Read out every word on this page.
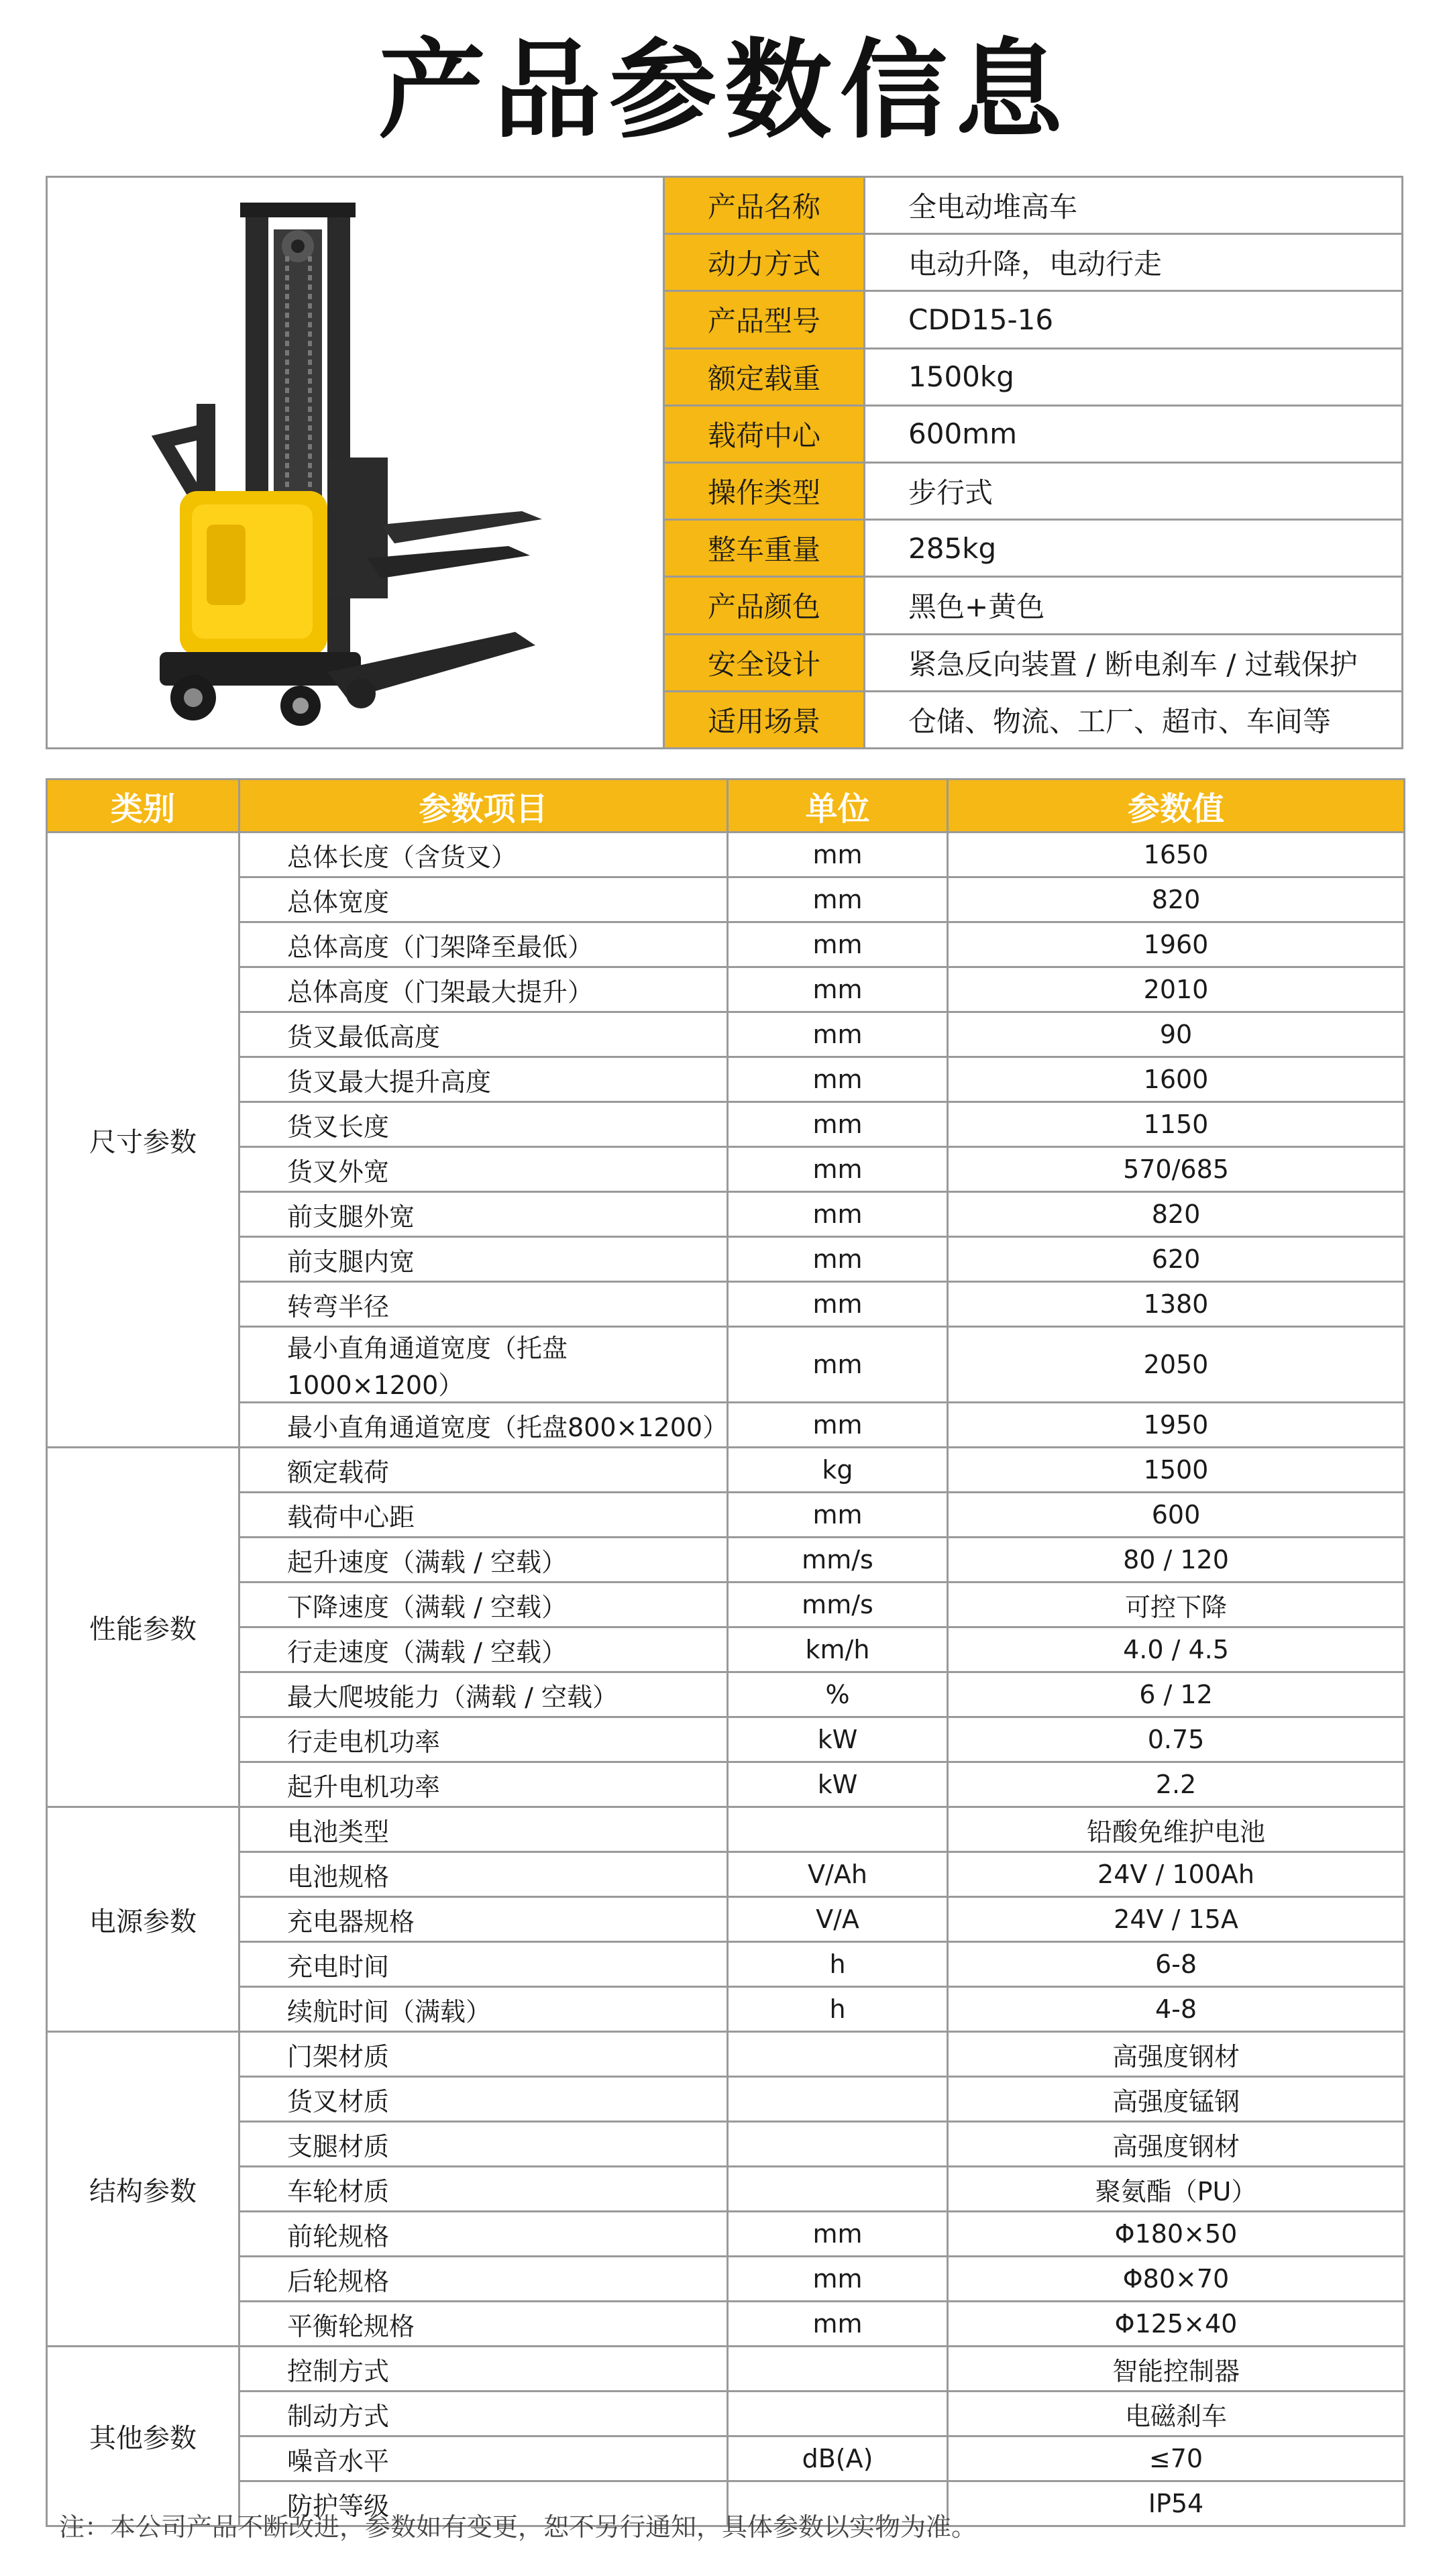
产品参数信息
产品名称	全电动堆高车
动力方式	电动升降，电动行走
产品型号	CDD15-16
额定载重	1500kg
载荷中心	600mm
操作类型	步行式
整车重量	285kg
产品颜色	黑色+黄色
安全设计	紧急反向装置 / 断电刹车 / 过载保护
适用场景	仓储、物流、工厂、超市、车间等
类别	参数项目	单位	参数值
尺寸参数	总体长度（含货叉）	mm	1650
	总体宽度	mm	820
	总体高度（门架降至最低）	mm	1960
	总体高度（门架最大提升）	mm	2010
	货叉最低高度	mm	90
	货叉最大提升高度	mm	1600
	货叉长度	mm	1150
	货叉外宽	mm	570/685
	前支腿外宽	mm	820
	前支腿内宽	mm	620
	转弯半径	mm	1380
	最小直角通道宽度（托盘1000×1200）	mm	2050
	最小直角通道宽度（托盘800×1200）	mm	1950
性能参数	额定载荷	kg	1500
	载荷中心距	mm	600
	起升速度（满载 / 空载）	mm/s	80 / 120
	下降速度（满载 / 空载）	mm/s	可控下降
	行走速度（满载 / 空载）	km/h	4.0 / 4.5
	最大爬坡能力（满载 / 空载）	%	6 / 12
	行走电机功率	kW	0.75
	起升电机功率	kW	2.2
电源参数	电池类型		铅酸免维护电池
	电池规格	V/Ah	24V / 100Ah
	充电器规格	V/A	24V / 15A
	充电时间	h	6-8
	续航时间（满载）	h	4-8
结构参数	门架材质		高强度钢材
	货叉材质		高强度锰钢
	支腿材质		高强度钢材
	车轮材质		聚氨酯（PU）
	前轮规格	mm	Φ180×50
	后轮规格	mm	Φ80×70
	平衡轮规格	mm	Φ125×40
其他参数	控制方式		智能控制器
	制动方式		电磁刹车
	噪音水平	dB(A)	≤70
	防护等级		IP54
注：本公司产品不断改进，参数如有变更，恕不另行通知，具体参数以实物为准。
